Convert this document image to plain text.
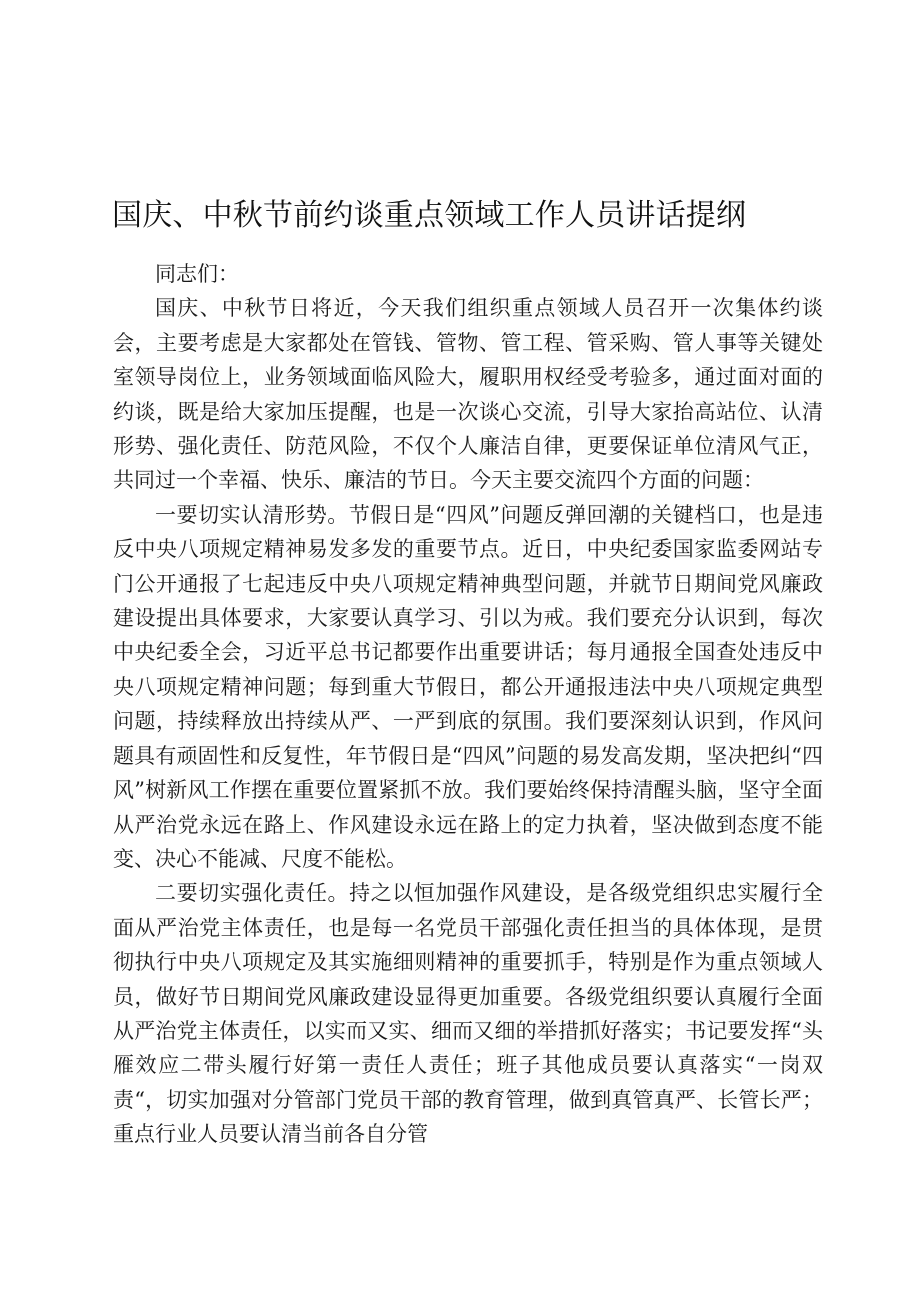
国庆、中秋节前约谈重点领域工作人员讲话提纲

同志们：

国庆、中秋节日将近，今天我们组织重点领域人员召开一次集体约谈会，主要考虑是大家都处在管钱、管物、管工程、管采购、管人事等关键处室领导岗位上，业务领域面临风险大，履职用权经受考验多，通过面对面的约谈，既是给大家加压提醒，也是一次谈心交流，引导大家抬高站位、认清形势、强化责任、防范风险，不仅个人廉洁自律，更要保证单位清风气正，共同过一个幸福、快乐、廉洁的节日。今天主要交流四个方面的问题：

一要切实认清形势。节假日是“四风”问题反弹回潮的关键档口，也是违反中央八项规定精神易发多发的重要节点。近日，中央纪委国家监委网站专门公开通报了七起违反中央八项规定精神典型问题，并就节日期间党风廉政建设提出具体要求，大家要认真学习、引以为戒。我们要充分认识到，每次中央纪委全会，习近平总书记都要作出重要讲话；每月通报全国查处违反中央八项规定精神问题；每到重大节假日，都公开通报违法中央八项规定典型问题，持续释放出持续从严、一严到底的氛围。我们要深刻认识到，作风问题具有顽固性和反复性，年节假日是“四风”问题的易发高发期，坚决把纠“四风”树新风工作摆在重要位置紧抓不放。我们要始终保持清醒头脑，坚守全面从严治党永远在路上、作风建设永远在路上的定力执着，坚决做到态度不能变、决心不能减、尺度不能松。

二要切实强化责任。持之以恒加强作风建设，是各级党组织忠实履行全面从严治党主体责任，也是每一名党员干部强化责任担当的具体体现，是贯彻执行中央八项规定及其实施细则精神的重要抓手，特别是作为重点领域人员，做好节日期间党风廉政建设显得更加重要。各级党组织要认真履行全面从严治党主体责任，以实而又实、细而又细的举措抓好落实；书记要发挥“头雁效应二带头履行好第一责任人责任；班子其他成员要认真落实“一岗双责“，切实加强对分管部门党员干部的教育管理，做到真管真严、长管长严；重点行业人员要认清当前各自分管
